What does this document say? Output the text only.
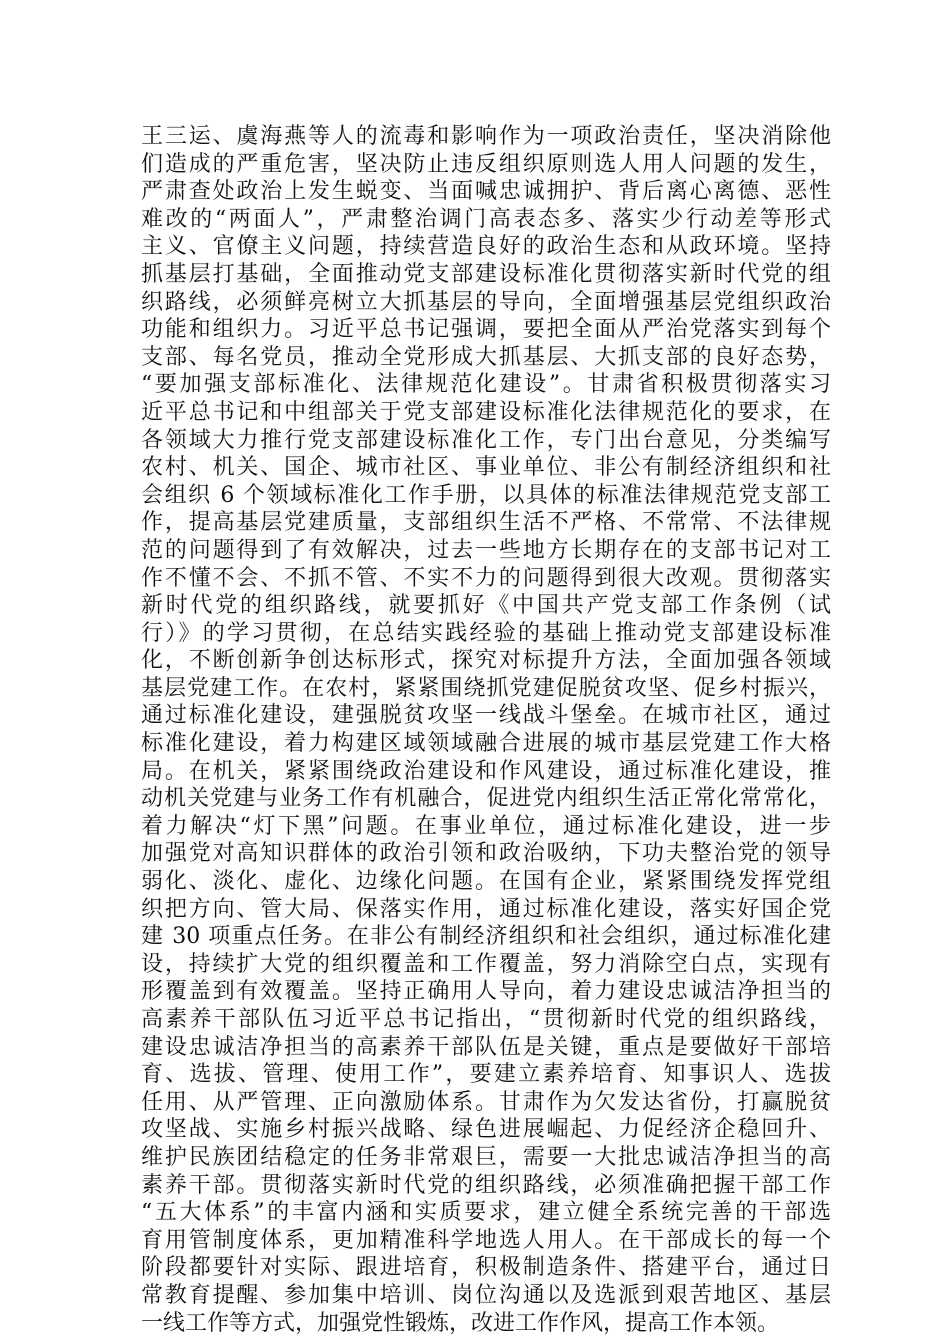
王三运、虞海燕等人的流毒和影响作为一项政治责任，坚决消除他
们造成的严重危害，坚决防止违反组织原则选人用人问题的发生，
严肃查处政治上发生蜕变、当面喊忠诚拥护、背后离心离德、恶性
难改的“两面人”，严肃整治调门高表态多、落实少行动差等形式
主义、官僚主义问题，持续营造良好的政治生态和从政环境。坚持
抓基层打基础，全面推动党支部建设标准化贯彻落实新时代党的组
织路线，必须鲜亮树立大抓基层的导向，全面增强基层党组织政治
功能和组织力。习近平总书记强调，要把全面从严治党落实到每个
支部、每名党员，推动全党形成大抓基层、大抓支部的良好态势，
“要加强支部标准化、法律规范化建设”。甘肃省积极贯彻落实习
近平总书记和中组部关于党支部建设标准化法律规范化的要求，在
各领域大力推行党支部建设标准化工作，专门出台意见，分类编写
农村、机关、国企、城市社区、事业单位、非公有制经济组织和社
会组织 6 个领域标准化工作手册，以具体的标准法律规范党支部工
作，提高基层党建质量，支部组织生活不严格、不常常、不法律规
范的问题得到了有效解决，过去一些地方长期存在的支部书记对工
作不懂不会、不抓不管、不实不力的问题得到很大改观。贯彻落实
新时代党的组织路线，就要抓好《中国共产党支部工作条例（试
行）》的学习贯彻，在总结实践经验的基础上推动党支部建设标准
化，不断创新争创达标形式，探究对标提升方法，全面加强各领域
基层党建工作。在农村，紧紧围绕抓党建促脱贫攻坚、促乡村振兴，
通过标准化建设，建强脱贫攻坚一线战斗堡垒。在城市社区，通过
标准化建设，着力构建区域领域融合进展的城市基层党建工作大格
局。在机关，紧紧围绕政治建设和作风建设，通过标准化建设，推
动机关党建与业务工作有机融合，促进党内组织生活正常化常常化，
着力解决“灯下黑”问题。在事业单位，通过标准化建设，进一步
加强党对高知识群体的政治引领和政治吸纳，下功夫整治党的领导
弱化、淡化、虚化、边缘化问题。在国有企业，紧紧围绕发挥党组
织把方向、管大局、保落实作用，通过标准化建设，落实好国企党
建 30 项重点任务。在非公有制经济组织和社会组织，通过标准化建
设，持续扩大党的组织覆盖和工作覆盖，努力消除空白点，实现有
形覆盖到有效覆盖。坚持正确用人导向，着力建设忠诚洁净担当的
高素养干部队伍习近平总书记指出，“贯彻新时代党的组织路线，
建设忠诚洁净担当的高素养干部队伍是关键，重点是要做好干部培
育、选拔、管理、使用工作”，要建立素养培育、知事识人、选拔
任用、从严管理、正向激励体系。甘肃作为欠发达省份，打赢脱贫
攻坚战、实施乡村振兴战略、绿色进展崛起、力促经济企稳回升、
维护民族团结稳定的任务非常艰巨，需要一大批忠诚洁净担当的高
素养干部。贯彻落实新时代党的组织路线，必须准确把握干部工作
“五大体系”的丰富内涵和实质要求，建立健全系统完善的干部选
育用管制度体系，更加精准科学地选人用人。在干部成长的每一个
阶段都要针对实际、跟进培育，积极制造条件、搭建平台，通过日
常教育提醒、参加集中培训、岗位沟通以及选派到艰苦地区、基层
一线工作等方式，加强党性锻炼，改进工作作风，提高工作本领。
